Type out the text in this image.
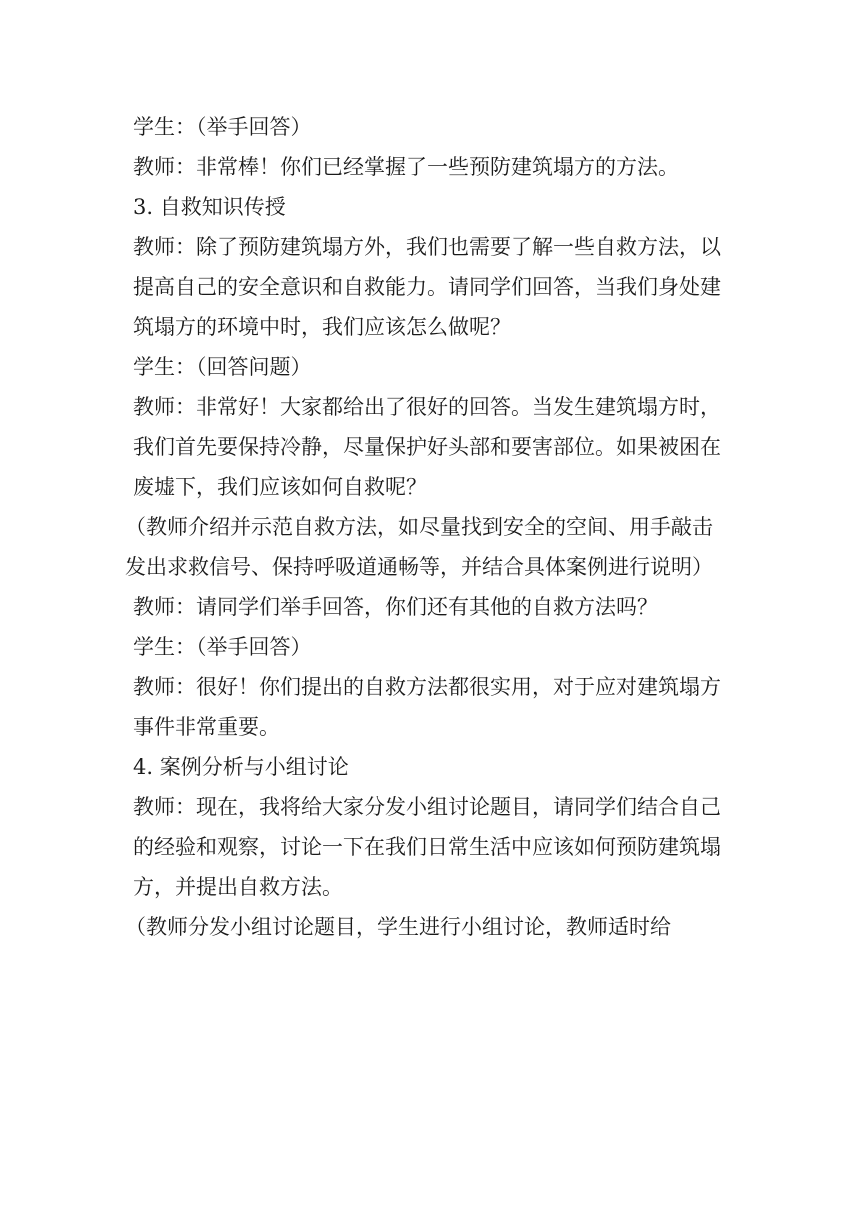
学生：（举手回答）

教师：非常棒！你们已经掌握了一些预防建筑塌方的方法。

3. 自救知识传授

教师：除了预防建筑塌方外，我们也需要了解一些自救方法，以提高自己的安全意识和自救能力。请同学们回答，当我们身处建筑塌方的环境中时，我们应该怎么做呢？

学生：（回答问题）

教师：非常好！大家都给出了很好的回答。当发生建筑塌方时，我们首先要保持冷静，尽量保护好头部和要害部位。如果被困在废墟下，我们应该如何自救呢？

（教师介绍并示范自救方法，如尽量找到安全的空间、用手敲击发出求救信号、保持呼吸道通畅等，并结合具体案例进行说明）

教师：请同学们举手回答，你们还有其他的自救方法吗？

学生：（举手回答）

教师：很好！你们提出的自救方法都很实用，对于应对建筑塌方事件非常重要。

4. 案例分析与小组讨论

教师：现在，我将给大家分发小组讨论题目，请同学们结合自己的经验和观察，讨论一下在我们日常生活中应该如何预防建筑塌方，并提出自救方法。

（教师分发小组讨论题目，学生进行小组讨论，教师适时给
